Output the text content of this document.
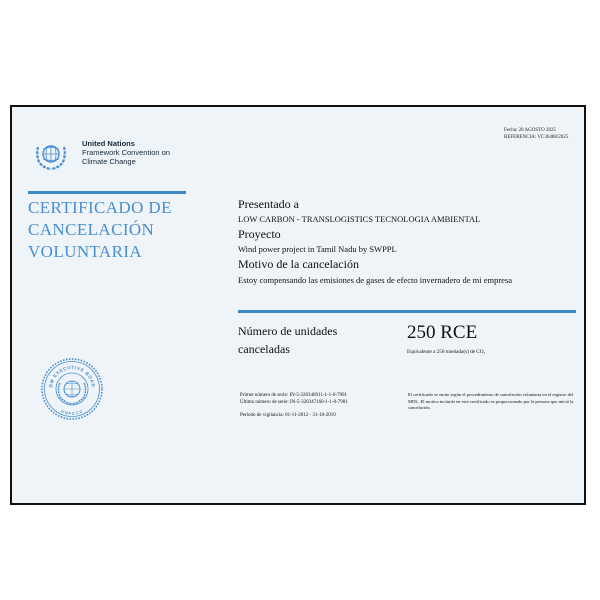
United Nations
Framework Convention on
Climate Change
Fecha: 28 AGOSTO 2025
REFERENCIA: VC36488/2025
CERTIFICADO DE
CANCELACIÓN
VOLUNTARIA
Presentado a
LOW CARBON - TRANSLOGISTICS TECNOLOGIA AMBIENTAL
Proyecto
Wind power project in Tamil Nadu by SWPPL
Motivo de la cancelación
Estoy compensando las emisiones de gases de efecto invernadero de mi empresa
Número de unidades
canceladas
250 RCE
Equivalente a 250 tonelada(s) de CO₂
Primer número de serie: IN-5-320346911-1-1-0-7901
Último número de serie: IN-5-320347160-1-1-0-7901
Período de vigilancia: 01-11-2012 - 31-10-2019
El certificado se emite según el procedimiento de cancelación voluntaria en el registro del MDL. El motivo incluido en este certificado es proporcionado por la persona que inició la cancelación.
DM EXECUTIVE BOAR
UNFCCC
